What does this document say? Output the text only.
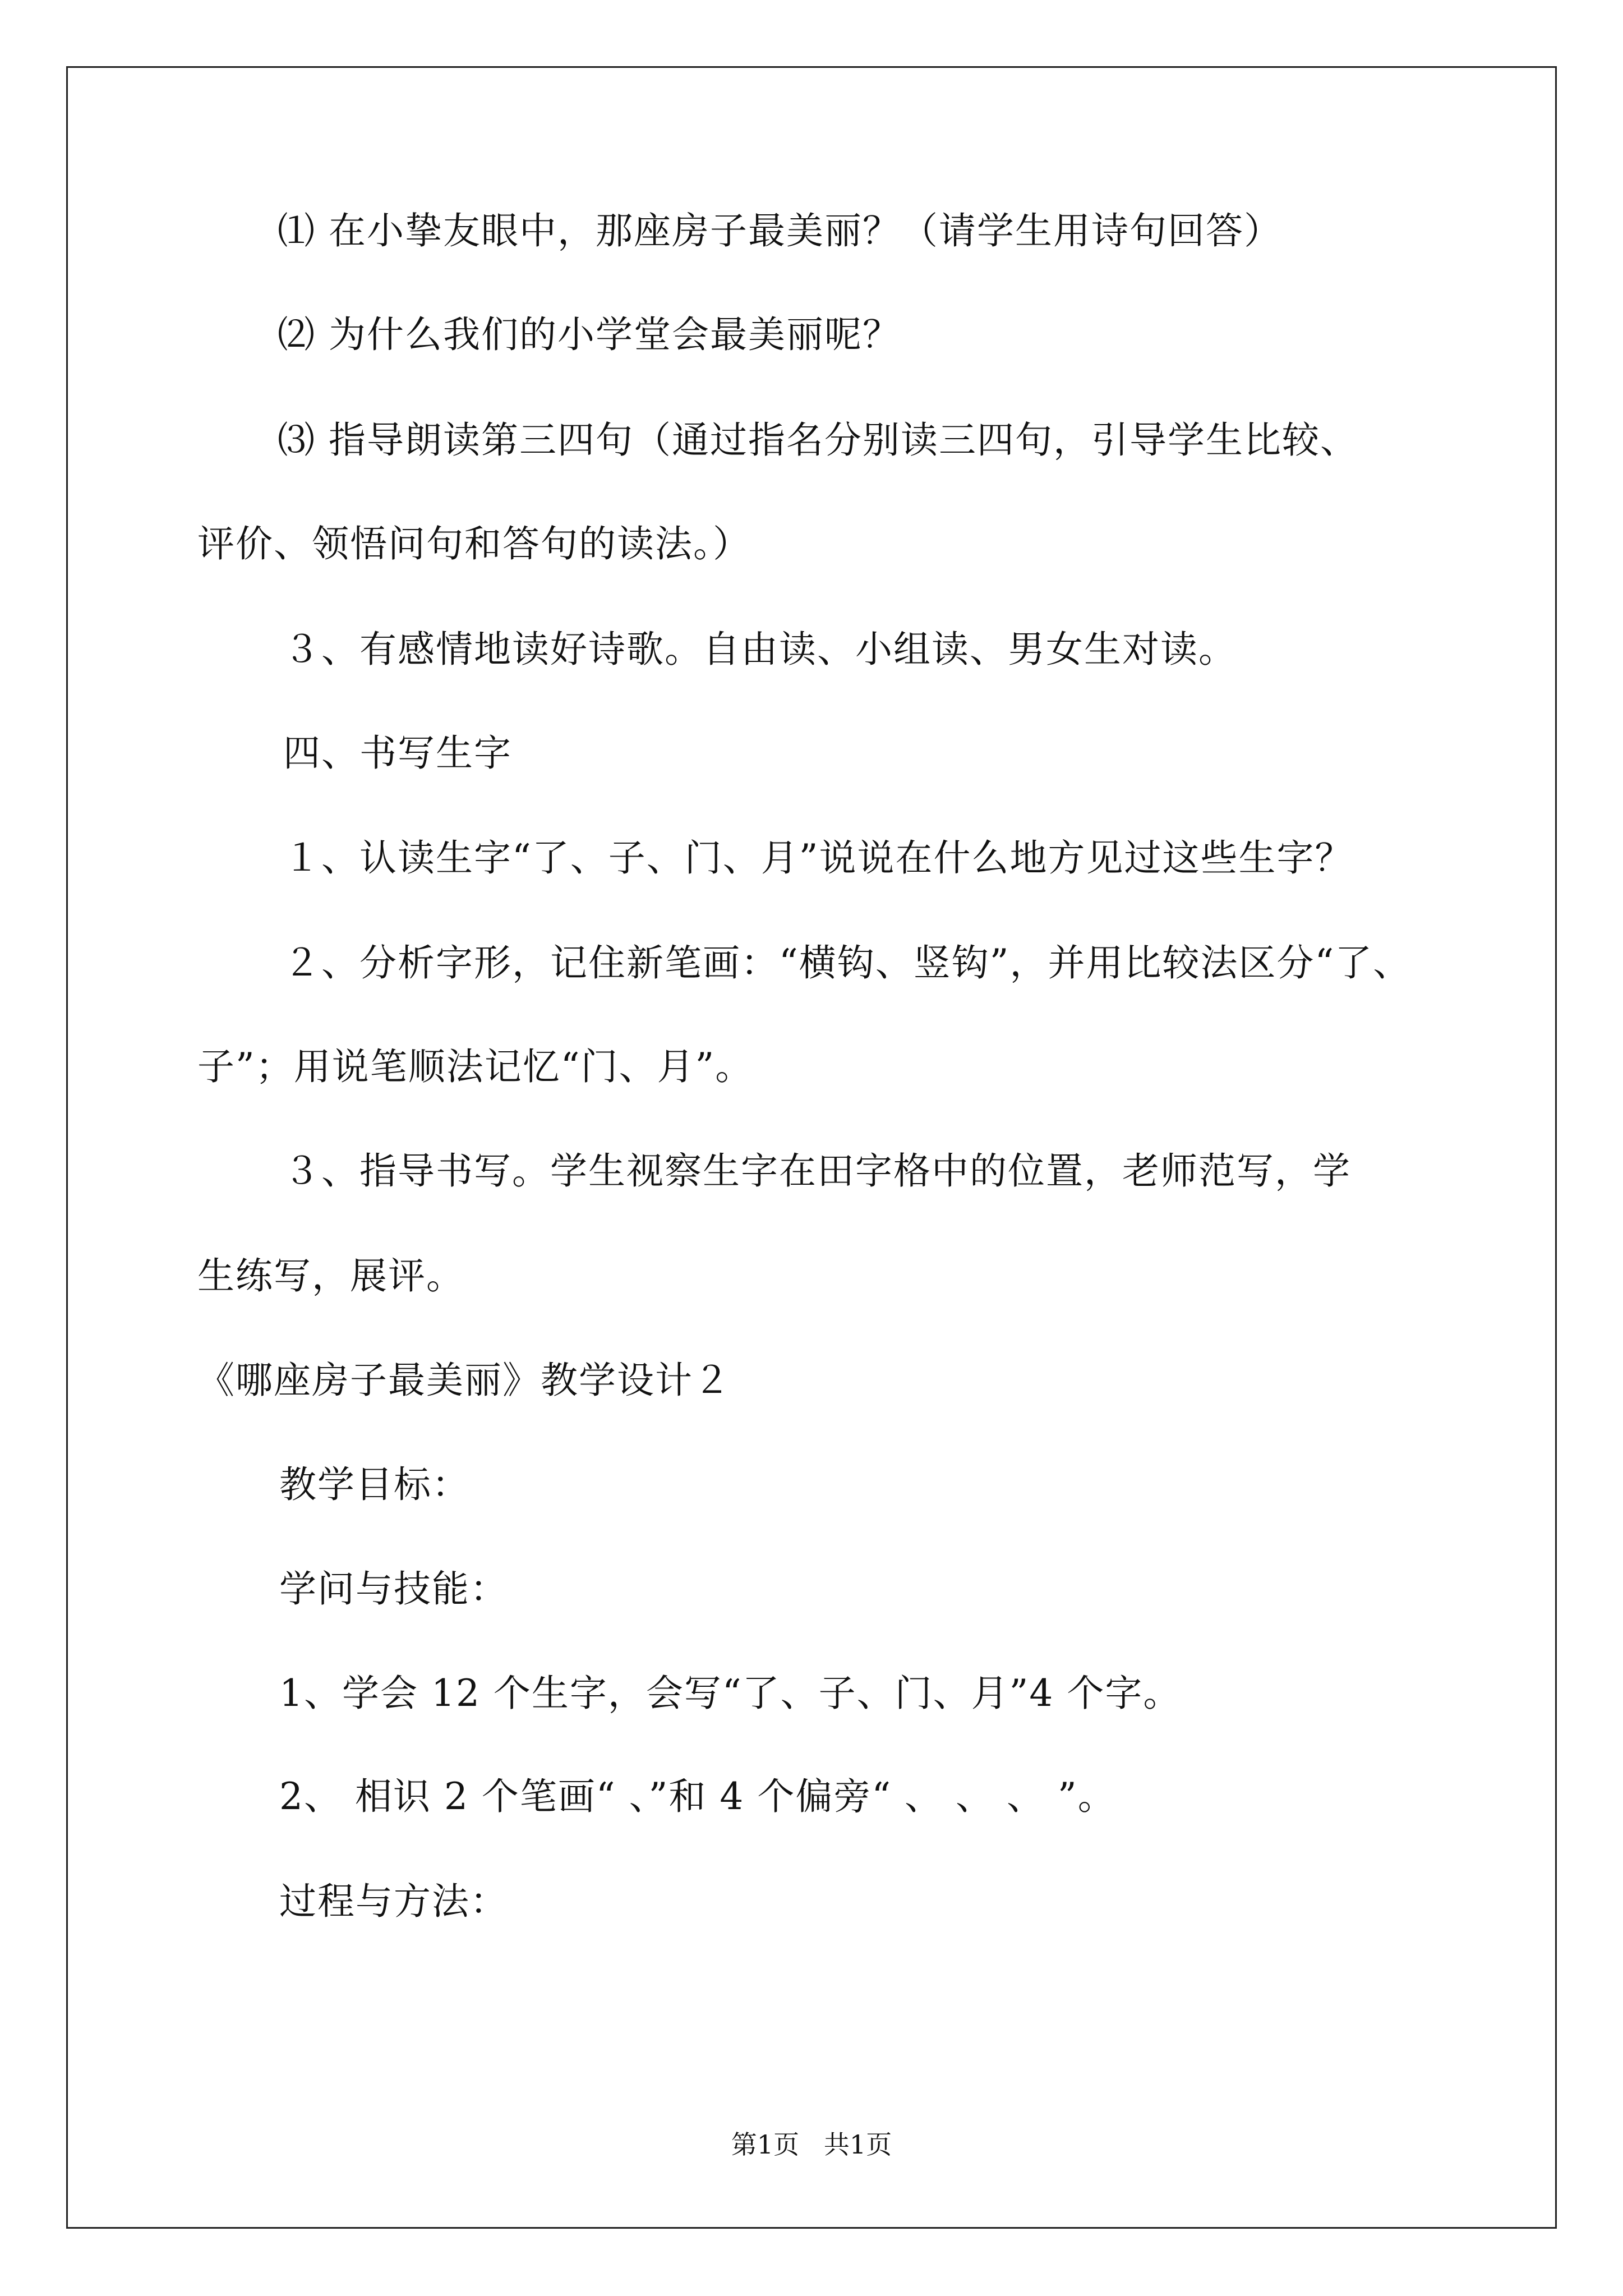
⑴ 在小挚友眼中，那座房子最美丽？（请学生用诗句回答）
⑵ 为什么我们的小学堂会最美丽呢？
⑶ 指导朗读第三四句（通过指名分别读三四句，引导学生比较、
评价、领悟问句和答句的读法。）
３、有感情地读好诗歌。自由读、小组读、男女生对读。
四、书写生字
１、认读生字“了、子、门、月”说说在什么地方见过这些生字？
２、分析字形，记住新笔画：“横钩、竖钩”，并用比较法区分“了、
子”；用说笔顺法记忆“门、月”。
３、指导书写。学生视察生字在田字格中的位置，老师范写，学
生练写，展评。
《哪座房子最美丽》教学设计２
教学目标：
学问与技能：
1、学会 12 个生字，会写“了、子、门、月”4 个字。
2、 相识 2 个笔画“ 、”和 4 个偏旁“ 、 、 、 ”。
过程与方法：
第1页   共1页
